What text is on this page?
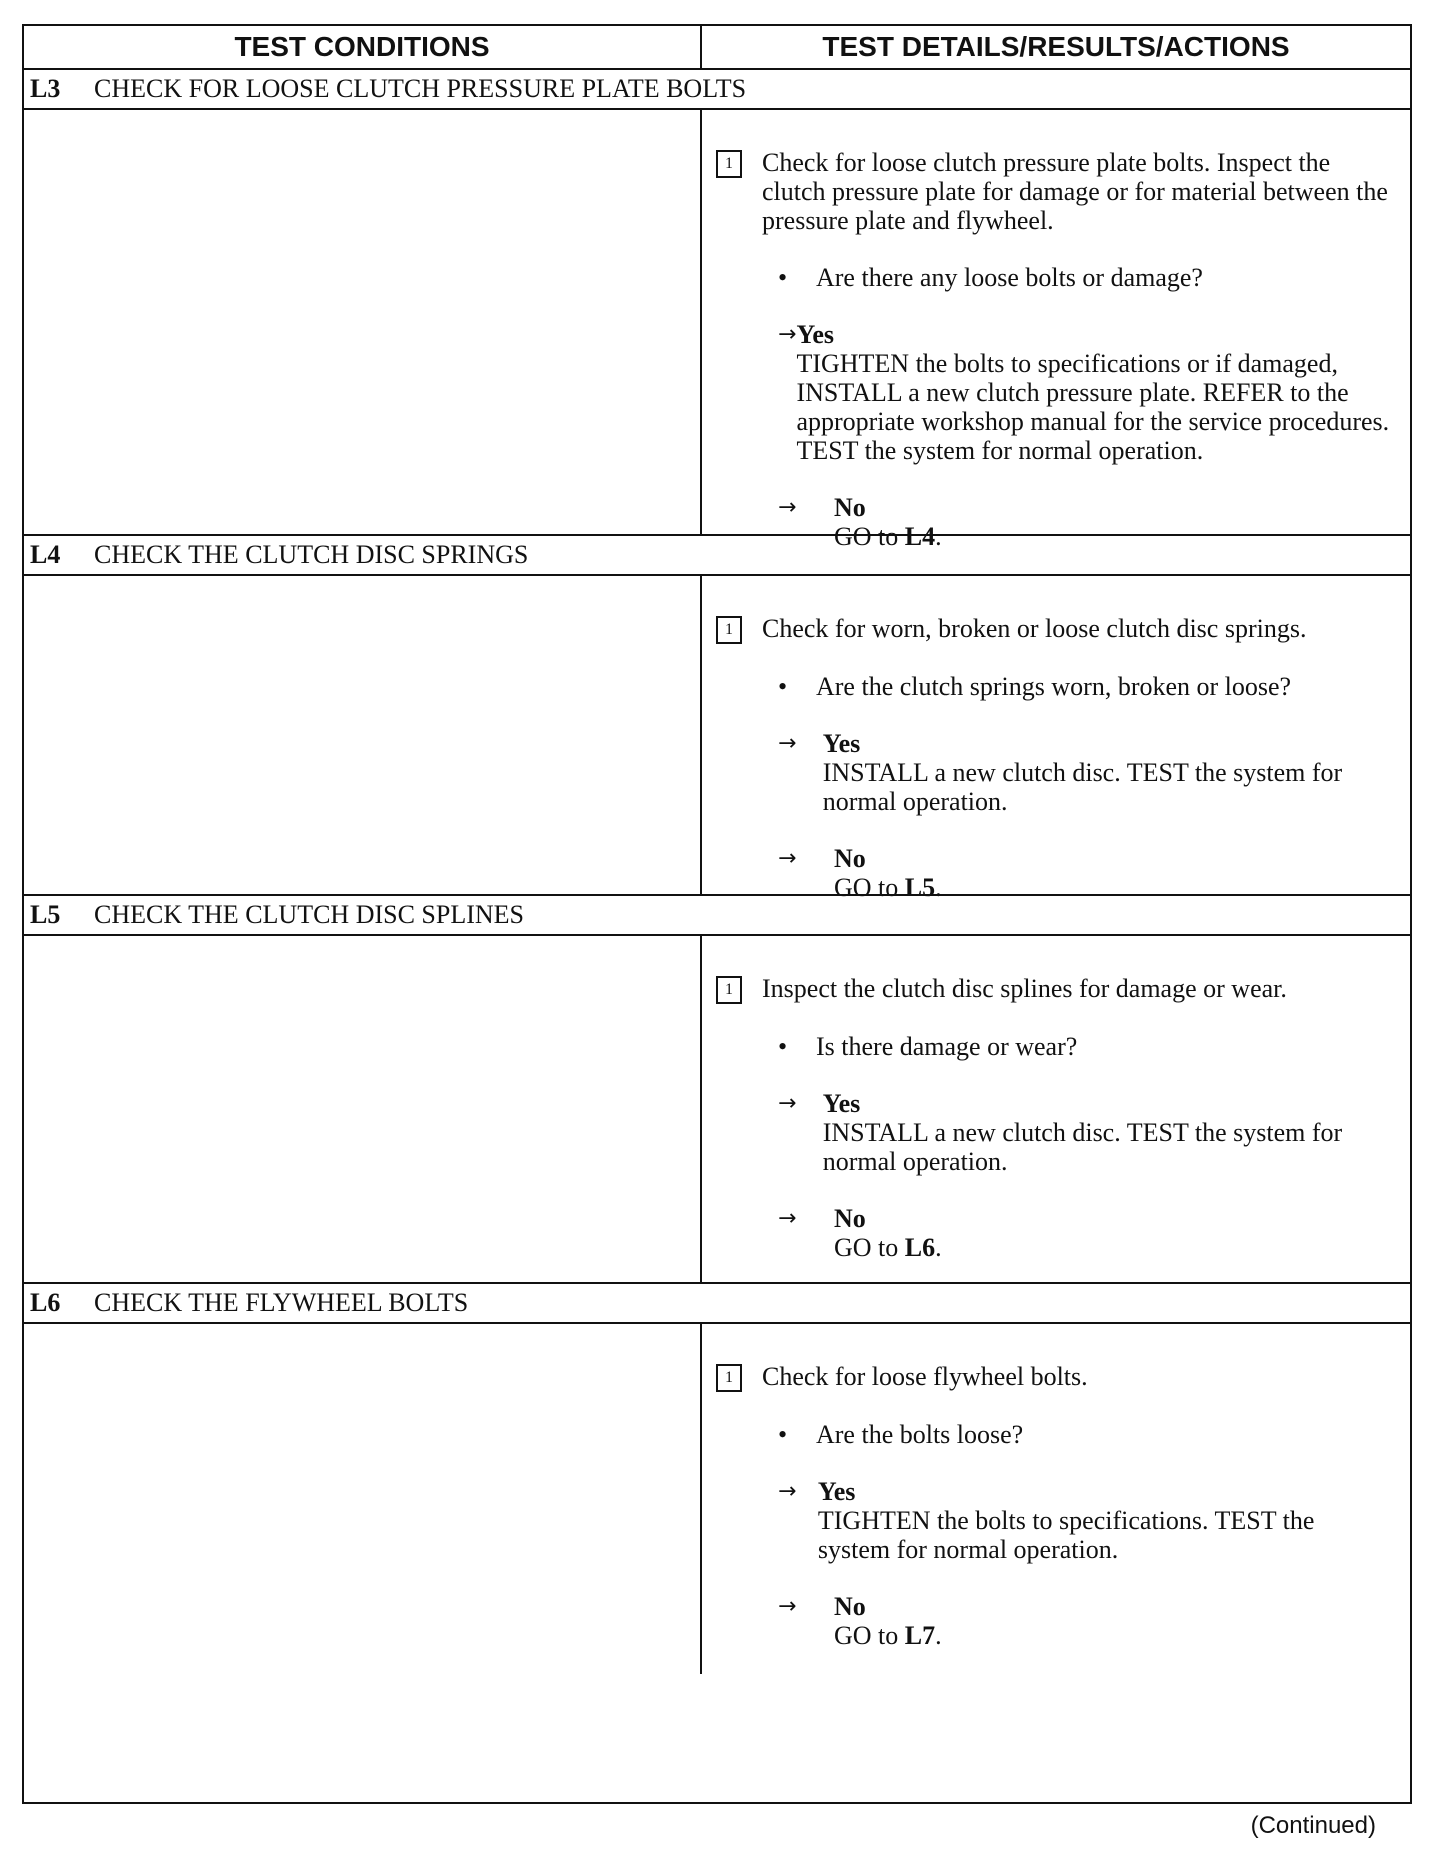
TEST CONDITIONS	TEST DETAILS/RESULTS/ACTIONS
L3	CHECK FOR LOOSE CLUTCH PRESSURE PLATE BOLTS
1	Check for loose clutch pressure plate bolts. Inspect the clutch pressure plate for damage or for material between the pressure plate and flywheel.
•	Are there any loose bolts or damage?
→ Yes
TIGHTEN the bolts to specifications or if damaged, INSTALL a new clutch pressure plate. REFER to the appropriate workshop manual for the service procedures. TEST the system for normal operation.
→	No
GO to L4.
L4	CHECK THE CLUTCH DISC SPRINGS
1	Check for worn, broken or loose clutch disc springs.
•	Are the clutch springs worn, broken or loose?
→	Yes
INSTALL a new clutch disc. TEST the system for normal operation.
→	No
GO to L5.
L5	CHECK THE CLUTCH DISC SPLINES
1	Inspect the clutch disc splines for damage or wear.
•	Is there damage or wear?
→	Yes
INSTALL a new clutch disc. TEST the system for normal operation.
→	No
GO to L6.
L6	CHECK THE FLYWHEEL BOLTS
1	Check for loose flywheel bolts.
•	Are the bolts loose?
→ Yes
TIGHTEN the bolts to specifications. TEST the system for normal operation.
→	No
GO to L7.
(Continued)
